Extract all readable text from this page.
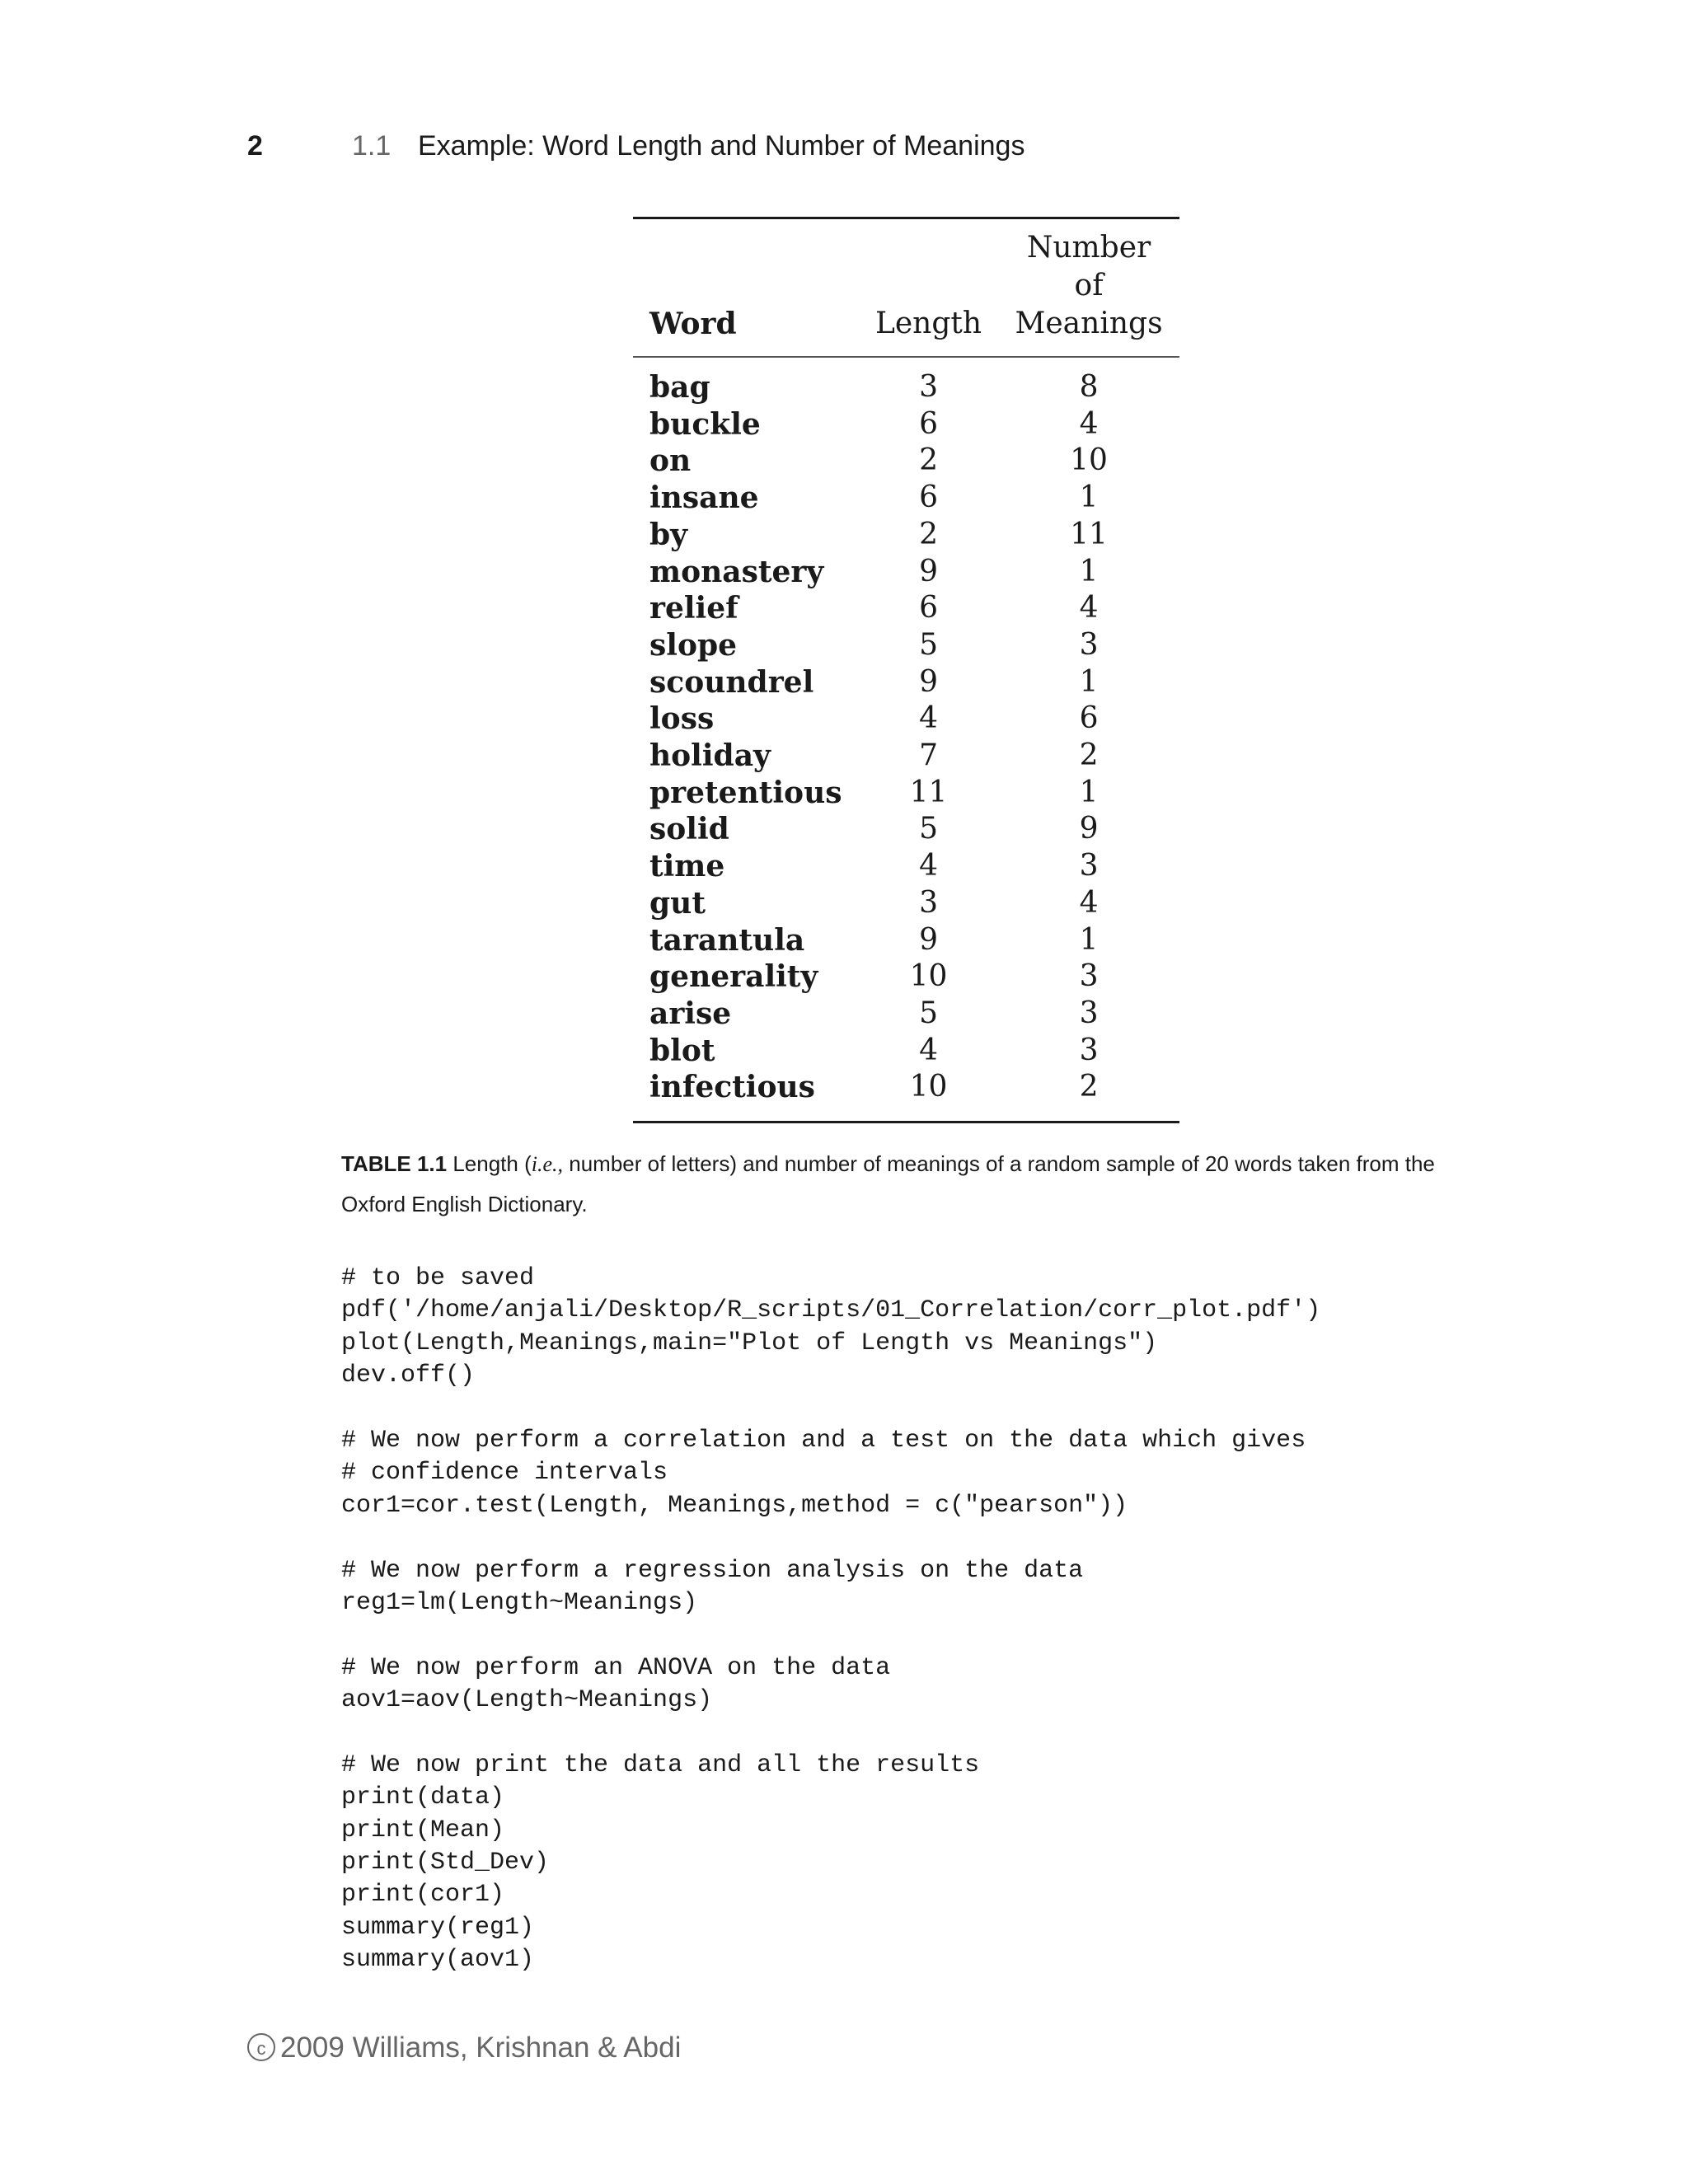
2	1.1 Example: Word Length and Number of Meanings
Word	Length	Number of
Meanings
bag	3	8
buckle	6	4
on	2	10
insane	6	1
by	2	11
monastery	9	1
relief	6	4
slope	5	3
scoundrel	9	1
loss	4	6
holiday	7	2
pretentious	11	1
solid	5	9
time	4	3
gut	3	4
tarantula	9	1
generality	10	3
arise	5	3
blot	4	3
infectious	10	2
TABLE 1.1 Length (i.e., number of letters) and number of meanings of a random sample of 20 words taken from the Oxford English Dictionary.
# to be saved
pdf('/home/anjali/Desktop/R_scripts/01_Correlation/corr_plot.pdf')
plot(Length,Meanings,main="Plot of Length vs Meanings")
dev.off()
# We now perform a correlation and a test on the data which gives
# confidence intervals
cor1=cor.test(Length, Meanings,method = c("pearson"))
# We now perform a regression analysis on the data
reg1=lm(Length~Meanings)
# We now perform an ANOVA on the data
aov1=aov(Length~Meanings)
# We now print the data and all the results
print(data)
print(Mean)
print(Std_Dev)
print(cor1)
summary(reg1)
summary(aov1)
c 2009 Williams, Krishnan & Abdi
